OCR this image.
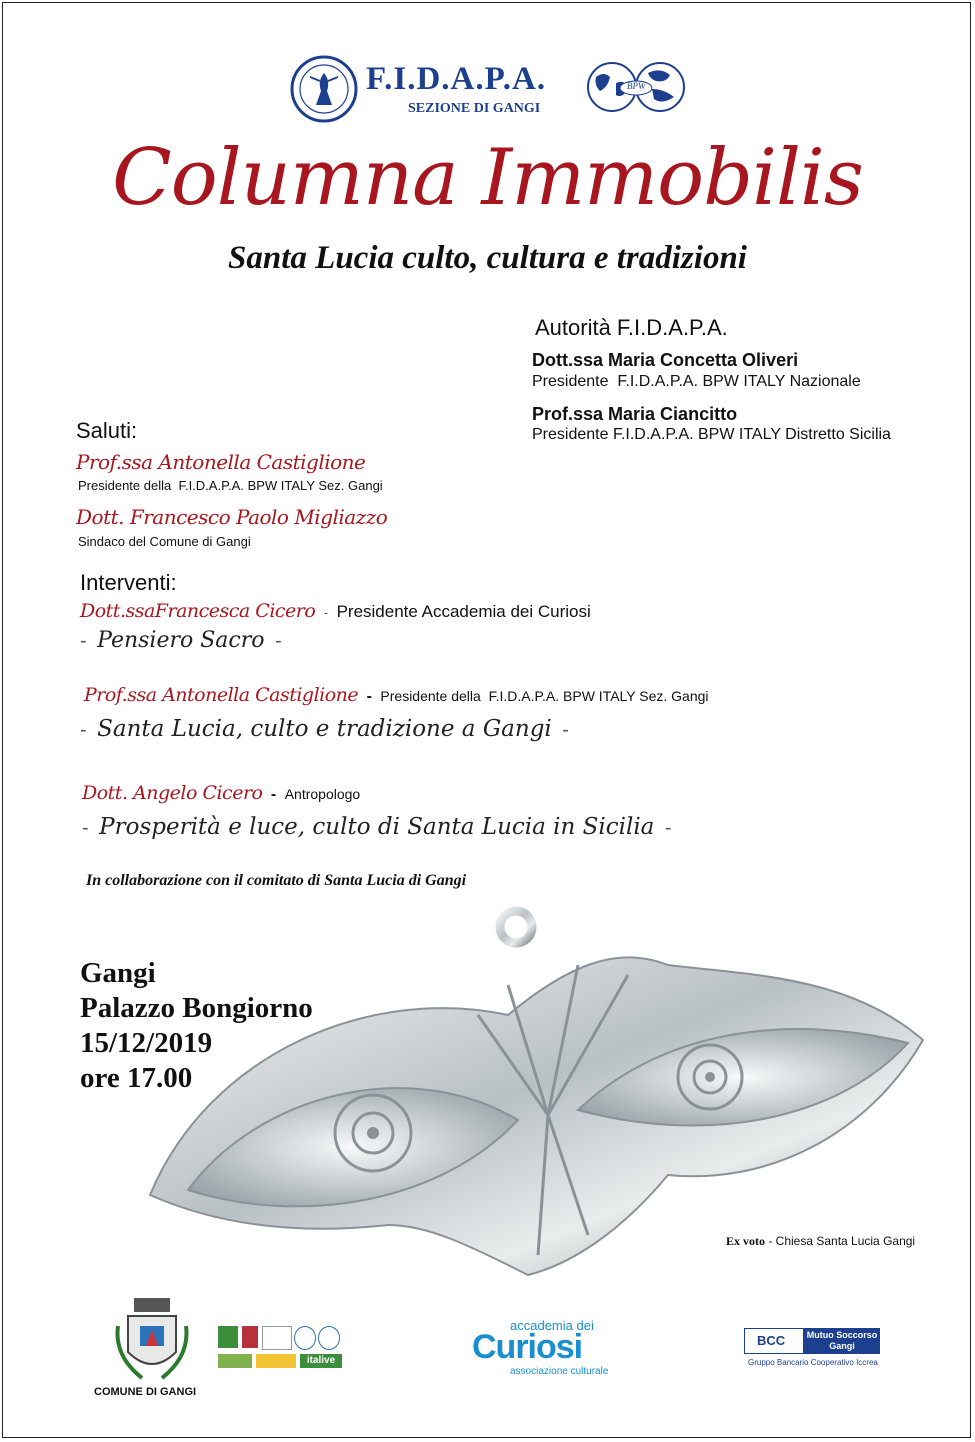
F.I.D.A.P.A.
SEZIONE DI GANGI
BPW
Columna Immobilis
Santa Lucia culto, cultura e tradizioni
Autorità F.I.D.A.P.A.
Dott.ssa Maria Concetta Oliveri
Presidente  F.I.D.A.P.A. BPW ITALY Nazionale
Prof.ssa Maria Ciancitto
Presidente F.I.D.A.P.A. BPW ITALY Distretto Sicilia
Saluti:
Prof.ssa Antonella Castiglione
Presidente della  F.I.D.A.P.A. BPW ITALY Sez. Gangi
Dott. Francesco Paolo Migliazzo
Sindaco del Comune di Gangi
Interventi:
Dott.ssaFrancesca Cicero - Presidente Accademia dei Curiosi
- Pensiero Sacro -
Prof.ssa Antonella Castiglione - Presidente della  F.I.D.A.P.A. BPW ITALY Sez. Gangi
- Santa Lucia, culto e tradizione a Gangi -
Dott. Angelo Cicero - Antropologo
- Prosperità e luce, culto di Santa Lucia in Sicilia -
In collaborazione con il comitato di Santa Lucia di Gangi
Gangi
Palazzo Bongiorno
15/12/2019
ore 17.00
Ex voto - Chiesa Santa Lucia Gangi
COMUNE DI GANGI
italive
accademia dei
Curiosi
associazione culturale
BCC	Mutuo Soccorso
Gangi
Gruppo Bancario Cooperativo Iccrea
